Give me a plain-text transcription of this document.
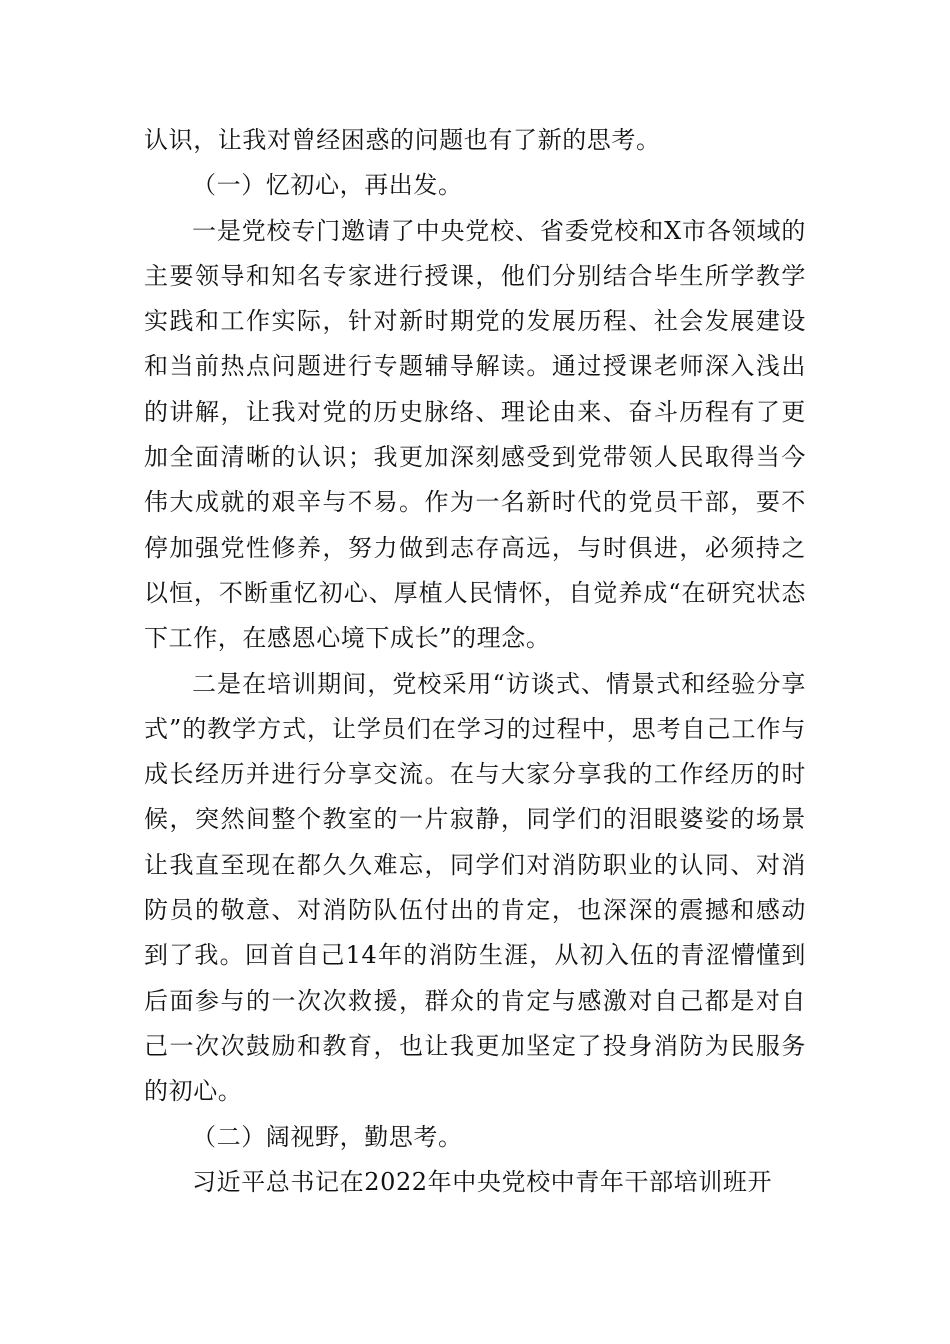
认识，让我对曾经困惑的问题也有了新的思考。

（一）忆初心，再出发。

一是党校专门邀请了中央党校、省委党校和X市各领域的主要领导和知名专家进行授课，他们分别结合毕生所学教学实践和工作实际，针对新时期党的发展历程、社会发展建设和当前热点问题进行专题辅导解读。通过授课老师深入浅出的讲解，让我对党的历史脉络、理论由来、奋斗历程有了更加全面清晰的认识；我更加深刻感受到党带领人民取得当今伟大成就的艰辛与不易。作为一名新时代的党员干部，要不停加强党性修养，努力做到志存高远，与时俱进，必须持之以恒，不断重忆初心、厚植人民情怀，自觉养成“在研究状态下工作，在感恩心境下成长”的理念。

二是在培训期间，党校采用“访谈式、情景式和经验分享式”的教学方式，让学员们在学习的过程中，思考自己工作与成长经历并进行分享交流。在与大家分享我的工作经历的时候，突然间整个教室的一片寂静，同学们的泪眼婆娑的场景让我直至现在都久久难忘，同学们对消防职业的认同、对消防员的敬意、对消防队伍付出的肯定，也深深的震撼和感动到了我。回首自己14年的消防生涯，从初入伍的青涩懵懂到后面参与的一次次救援，群众的肯定与感激对自己都是对自己一次次鼓励和教育，也让我更加坚定了投身消防为民服务的初心。

（二）阔视野，勤思考。

习近平总书记在2022年中央党校中青年干部培训班开
